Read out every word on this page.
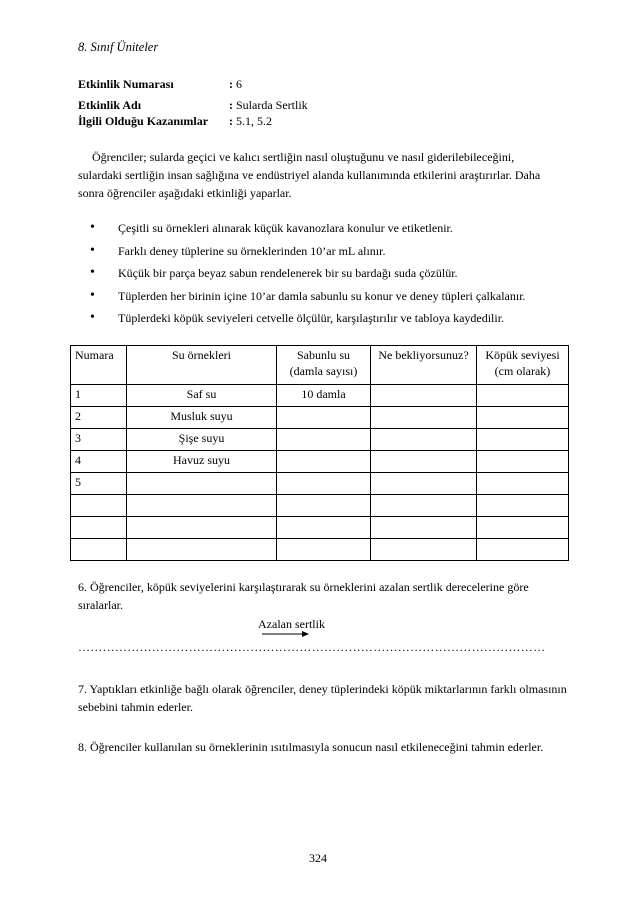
8. Sınıf Üniteler
Etkinlik Numarası	: 6
Etkinlik Adı	: Sularda Sertlik
İlgili Olduğu Kazanımlar : 5.1, 5.2
Öğrenciler; sularda geçici ve kalıcı sertliğin nasıl oluştuğunu ve nasıl giderilebileceğini, sulardaki sertliğin insan sağlığına ve endüstriyel alanda kullanımında etkilerini araştırırlar. Daha sonra öğrenciler aşağıdaki etkinliği yaparlar.
• Çeşitli su örnekleri alınarak küçük kavanozlara konulur ve etiketlenir.
• Farklı deney tüplerine su örneklerinden 10’ar mL alınır.
• Küçük bir parça beyaz sabun rendelenerek bir su bardağı suda çözülür.
• Tüplerden her birinin içine 10’ar damla sabunlu su konur ve deney tüpleri çalkalanır.
• Tüplerdeki köpük seviyeleri cetvelle ölçülür, karşılaştırılır ve tabloya kaydedilir.
Numara	Su örnekleri	Sabunlu su (damla sayısı)	Ne bekliyorsunuz?	Köpük seviyesi (cm olarak)
1	Saf su	10 damla		
2	Musluk suyu			
3	Şişe suyu			
4	Havuz suyu			
5				

6. Öğrenciler, köpük seviyelerini karşılaştırarak su örneklerini azalan sertlik derecelerine göre sıralarlar.
Azalan sertlik
……………………………………………………………………………………………………
7. Yaptıkları etkinliğe bağlı olarak öğrenciler, deney tüplerindeki köpük miktarlarının farklı olmasının sebebini tahmin ederler.
8. Öğrenciler kullanılan su örneklerinin ısıtılmasıyla sonucun nasıl etkileneceğini tahmin ederler.
324
